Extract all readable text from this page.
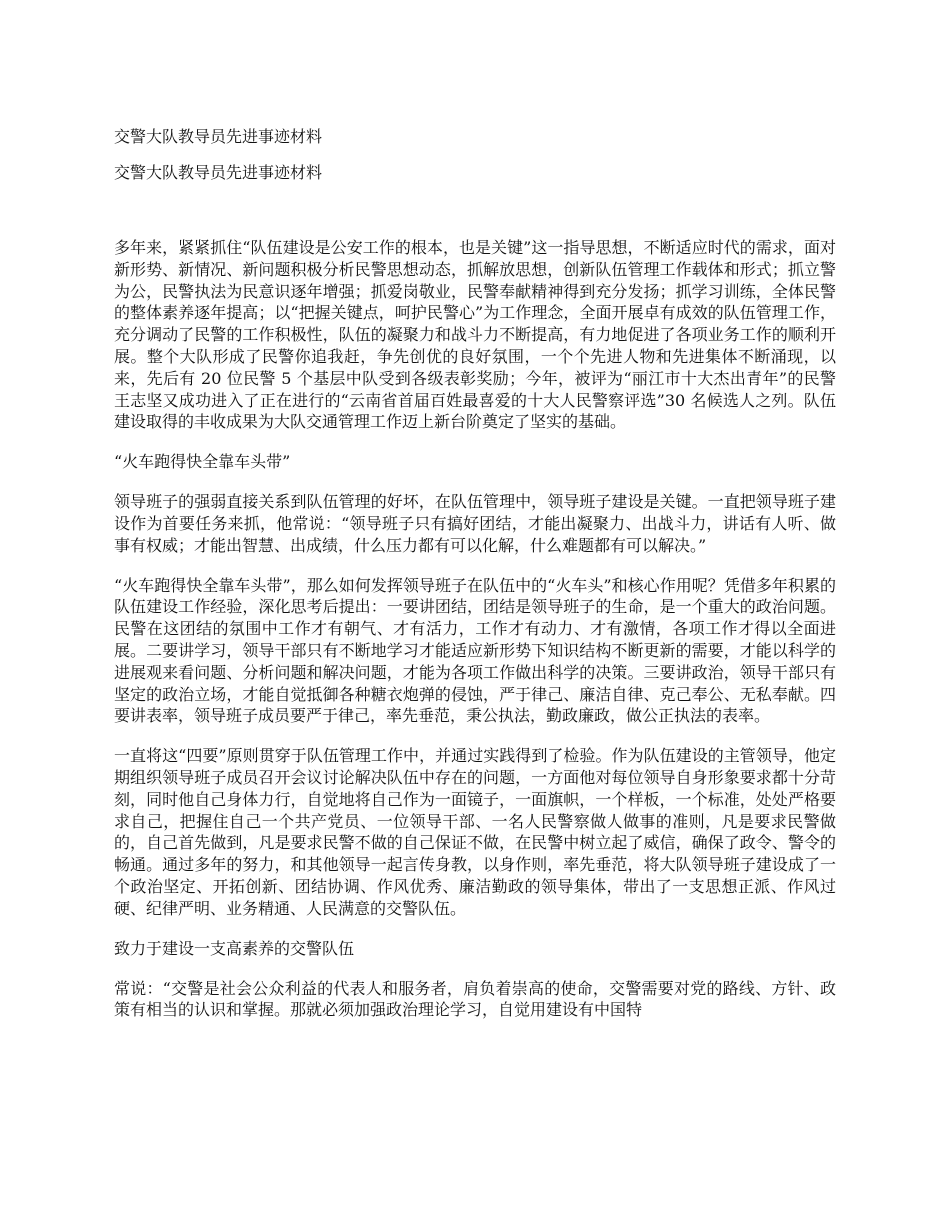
交警大队教导员先进事迹材料
交警大队教导员先进事迹材料

多年来，紧紧抓住“队伍建设是公安工作的根本，也是关键”这一指导思想，不断适应时代的需求，面对新形势、新情况、新问题积极分析民警思想动态，抓解放思想，创新队伍管理工作载体和形式；抓立警为公，民警执法为民意识逐年增强；抓爱岗敬业，民警奉献精神得到充分发扬；抓学习训练，全体民警的整体素养逐年提高；以“把握关键点，呵护民警心”为工作理念，全面开展卓有成效的队伍管理工作，充分调动了民警的工作积极性，队伍的凝聚力和战斗力不断提高，有力地促进了各项业务工作的顺利开展。整个大队形成了民警你追我赶，争先创优的良好氛围，一个个先进人物和先进集体不断涌现，以来，先后有 20 位民警 5 个基层中队受到各级表彰奖励；今年，被评为“丽江市十大杰出青年”的民警王志坚又成功进入了正在进行的“云南省首届百姓最喜爱的十大人民警察评选”30 名候选人之列。队伍建设取得的丰收成果为大队交通管理工作迈上新台阶奠定了坚实的基础。

“火车跑得快全靠车头带”

领导班子的强弱直接关系到队伍管理的好坏，在队伍管理中，领导班子建设是关键。一直把领导班子建设作为首要任务来抓，他常说：“领导班子只有搞好团结，才能出凝聚力、出战斗力，讲话有人听、做事有权威；才能出智慧、出成绩，什么压力都有可以化解，什么难题都有可以解决。”

“火车跑得快全靠车头带”，那么如何发挥领导班子在队伍中的“火车头”和核心作用呢？凭借多年积累的队伍建设工作经验，深化思考后提出：一要讲团结，团结是领导班子的生命，是一个重大的政治问题。民警在这团结的氛围中工作才有朝气、才有活力，工作才有动力、才有激情，各项工作才得以全面进展。二要讲学习，领导干部只有不断地学习才能适应新形势下知识结构不断更新的需要，才能以科学的进展观来看问题、分析问题和解决问题，才能为各项工作做出科学的决策。三要讲政治，领导干部只有坚定的政治立场，才能自觉抵御各种糖衣炮弹的侵蚀，严于律己、廉洁自律、克己奉公、无私奉献。四要讲表率，领导班子成员要严于律己，率先垂范，秉公执法，勤政廉政，做公正执法的表率。

一直将这“四要”原则贯穿于队伍管理工作中，并通过实践得到了检验。作为队伍建设的主管领导，他定期组织领导班子成员召开会议讨论解决队伍中存在的问题，一方面他对每位领导自身形象要求都十分苛刻，同时他自己身体力行，自觉地将自己作为一面镜子，一面旗帜，一个样板，一个标准，处处严格要求自己，把握住自己一个共产党员、一位领导干部、一名人民警察做人做事的准则，凡是要求民警做的，自己首先做到，凡是要求民警不做的自己保证不做，在民警中树立起了威信，确保了政令、警令的畅通。通过多年的努力，和其他领导一起言传身教，以身作则，率先垂范，将大队领导班子建设成了一个政治坚定、开拓创新、团结协调、作风优秀、廉洁勤政的领导集体，带出了一支思想正派、作风过硬、纪律严明、业务精通、人民满意的交警队伍。

致力于建设一支高素养的交警队伍

常说：“交警是社会公众利益的代表人和服务者，肩负着崇高的使命，交警需要对党的路线、方针、政策有相当的认识和掌握。那就必须加强政治理论学习，自觉用建设有中国特
